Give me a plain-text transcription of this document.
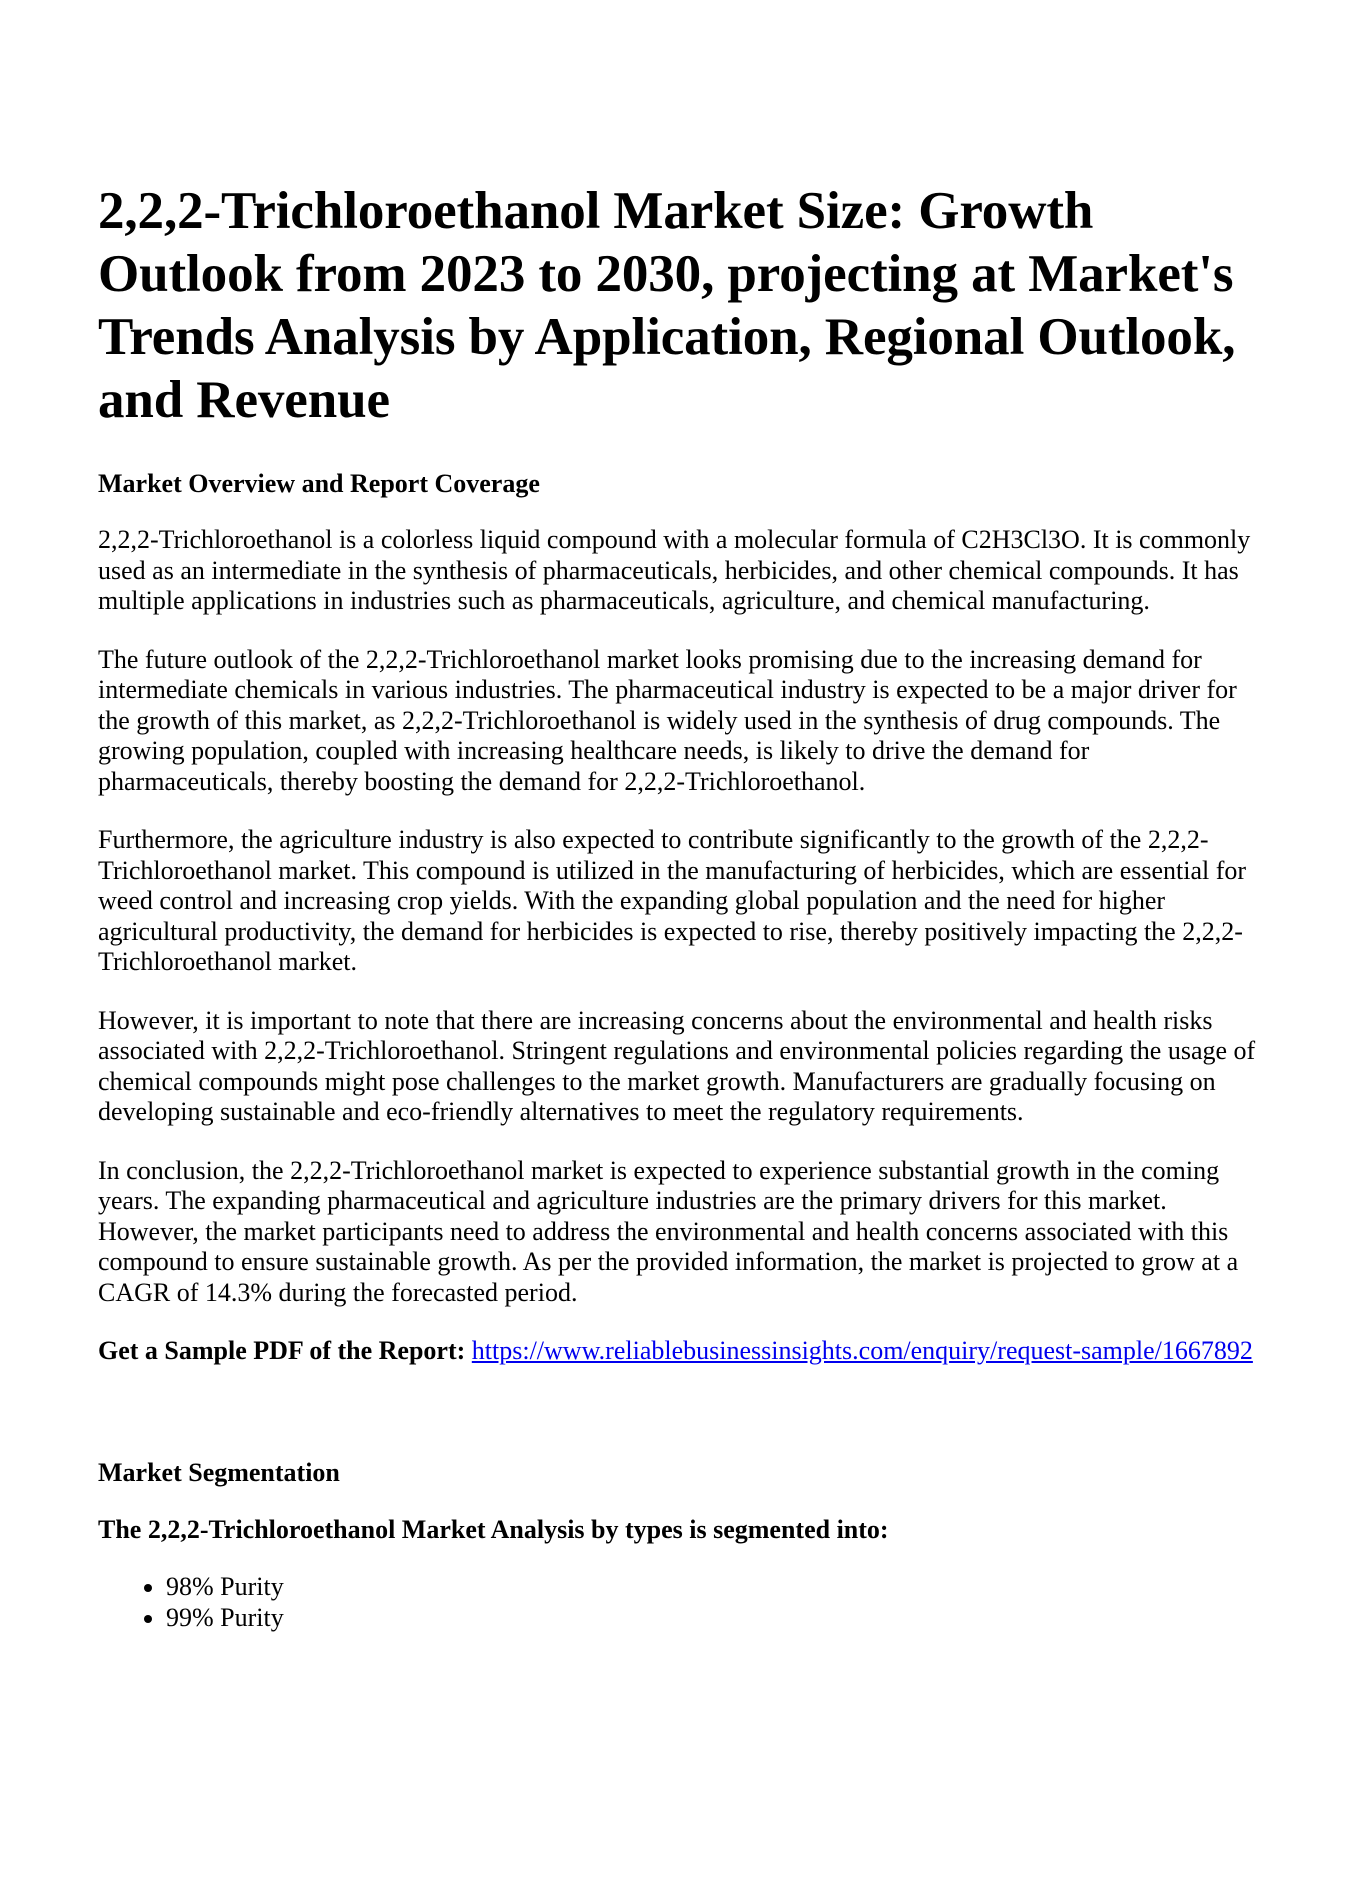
2,2,2-Trichloroethanol Market Size: Growth Outlook from 2023 to 2030, projecting at Market's Trends Analysis by Application, Regional Outlook, and Revenue
Market Overview and Report Coverage

2,2,2-Trichloroethanol is a colorless liquid compound with a molecular formula of C2H3Cl3O. It is commonly used as an intermediate in the synthesis of pharmaceuticals, herbicides, and other chemical compounds. It has multiple applications in industries such as pharmaceuticals, agriculture, and chemical manufacturing.

The future outlook of the 2,2,2-Trichloroethanol market looks promising due to the increasing demand for intermediate chemicals in various industries. The pharmaceutical industry is expected to be a major driver for the growth of this market, as 2,2,2-Trichloroethanol is widely used in the synthesis of drug compounds. The growing population, coupled with increasing healthcare needs, is likely to drive the demand for pharmaceuticals, thereby boosting the demand for 2,2,2-Trichloroethanol.

Furthermore, the agriculture industry is also expected to contribute significantly to the growth of the 2,2,2-Trichloroethanol market. This compound is utilized in the manufacturing of herbicides, which are essential for weed control and increasing crop yields. With the expanding global population and the need for higher agricultural productivity, the demand for herbicides is expected to rise, thereby positively impacting the 2,2,2-Trichloroethanol market.

However, it is important to note that there are increasing concerns about the environmental and health risks associated with 2,2,2-Trichloroethanol. Stringent regulations and environmental policies regarding the usage of chemical compounds might pose challenges to the market growth. Manufacturers are gradually focusing on developing sustainable and eco-friendly alternatives to meet the regulatory requirements.

In conclusion, the 2,2,2-Trichloroethanol market is expected to experience substantial growth in the coming years. The expanding pharmaceutical and agriculture industries are the primary drivers for this market. However, the market participants need to address the environmental and health concerns associated with this compound to ensure sustainable growth. As per the provided information, the market is projected to grow at a CAGR of 14.3% during the forecasted period.

Get a Sample PDF of the Report: https://www.reliablebusinessinsights.com/enquiry/request-sample/1667892
Market Segmentation
The 2,2,2-Trichloroethanol Market Analysis by types is segmented into:
• 98% Purity
• 99% Purity
